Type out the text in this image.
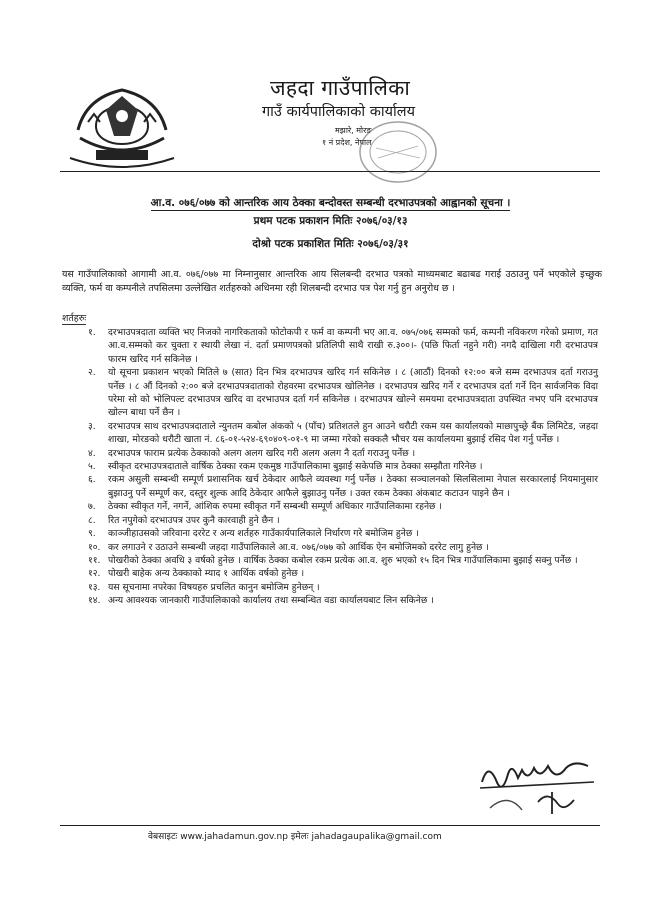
जहदा गाउँपालिका
गाउँ कार्यपालिकाको कार्यालय
मझारे, मोरङ
१ नं प्रदेश, नेपाल
आ.व. ०७६/०७७ को आन्तरिक आय ठेक्का बन्दोवस्त सम्बन्धी दरभाउपत्रको आह्वानको सूचना ।
प्रथम पटक प्रकाशन मितिः २०७६/०३/१३
दोश्रो पटक प्रकाशित मितिः २०७६/०३/३१
यस गाउँपालिकाको आगामी आ.व. ०७६/०७७ मा निम्नानुसार आन्तरिक आय सिलबन्दी दरभाउ पत्रको माध्यमबाट बढाबढ गराई उठाउनु पर्ने भएकोले इच्छुक व्यक्ति, फर्म वा कम्पनीले तपसिलमा उल्लेखित शर्तहरुको अधिनमा रही शिलबन्दी दरभाउ पत्र पेश गर्नु हुन अनुरोध छ ।
शर्तहरुः
१. दरभाउपत्रदाता व्यक्ति भए निजको नागरिकताको फोटोकपी र फर्म वा कम्पनी भए आ.व. ०७५/०७६ सम्मको फर्म, कम्पनी नविकरण गरेको प्रमाण, गत आ.व.सम्मको कर चुक्ता र स्थायी लेखा नं. दर्ता प्रमाणपत्रको प्रतिलिपी साथै राखी रु.३००।- (पछि फिर्ता नहुने गरी) नगदै दाखिला गरी दरभाउपत्र फारम खरिद गर्न सकिनेछ ।
२. यो सूचना प्रकाशन भएको मितिले ७ (सात) दिन भित्र दरभाउपत्र खरिद गर्न सकिनेछ । ८ (आठौं) दिनको १२:०० बजे सम्म दरभाउपत्र दर्ता गराउनु पर्नेछ । ८ औं दिनको २:०० बजे दरभाउपत्रदाताको रोहवरमा दरभाउपत्र खोलिनेछ । दरभाउपत्र खरिद गर्ने र दरभाउपत्र दर्ता गर्ने दिन सार्वजनिक विदा परेमा सो को भोलिपल्ट दरभाउपत्र खरिद वा दरभाउपत्र दर्ता गर्न सकिनेछ । दरभाउपत्र खोल्ने समयमा दरभाउपत्रदाता उपस्थित नभए पनि दरभाउपत्र खोल्न बाधा पर्ने छैन ।
३. दरभाउपत्र साथ दरभाउपत्रदाताले न्युनतम कबोल अंकको ५ (पाँच) प्रतिशतले हुन आउने धरौटी रकम यस कार्यालयको माछापुच्छ्रे बैंक लिमिटेड, जहदा शाखा, मोरङको धरौटी खाता नं. ८६-०१-५२४-६९०४०९-०१-९ मा जम्मा गरेको सक्कलै भौचर यस कार्यालयमा बुझाई रसिद पेश गर्नु पर्नेछ ।
४. दरभाउपत्र फाराम प्रत्येक ठेक्काको अलग अलग खरिद गरी अलग अलग नै दर्ता गराउनु पर्नेछ ।
५. स्वीकृत दरभाउपत्रदाताले वार्षिक ठेक्का रकम एकमुष्ठ गाउँपालिकामा बुझाई सकेपछि मात्र ठेक्का सम्झौता गरिनेछ ।
६. रकम असुली सम्बन्धी सम्पूर्ण प्रशासनिक खर्च ठेकेदार आफैले व्यवस्था गर्नु पर्नेछ । ठेक्का सञ्चालनको सिलसिलामा नेपाल सरकारलाई नियमानुसार बुझाउनु पर्ने सम्पूर्ण कर, दस्तुर शुल्क आदि ठेकेदार आफैले बुझाउनु पर्नेछ । उक्त रकम ठेक्का अंकबाट कटाउन पाइने छैन ।
७. ठेक्का स्वीकृत गर्ने, नगर्ने, आंशिक रुपमा स्वीकृत गर्ने सम्बन्धी सम्पूर्ण अधिकार गाउँपालिकामा रहनेछ ।
८. रित नपुगेको दरभाउपत्र उपर कुनै कारवाही हुने छैन ।
९. काञ्जीहाउसको जरिवाना दररेट र अन्य शर्तहरु गाउँकार्यपालिकाले निर्धारण गरे बमोजिम हुनेछ ।
१०. कर लगाउने र उठाउने सम्बन्धी जहदा गाउँपालिकाले आ.व. ०७६/०७७ को आर्थिक ऐन बमोजिमको दररेट लागु हुनेछ ।
११. पोखरीको ठेक्का अवधि ३ वर्षको हुनेछ । वार्षिक ठेक्का कबोल रकम प्रत्येक आ.व. शुरु भएको १५ दिन भित्र गाउँपालिकामा बुझाई सक्नु पर्नेछ ।
१२. पोखरी बाहेक अन्य ठेक्काको म्याद १ आर्थिक वर्षको हुनेछ ।
१३. यस सूचनामा नपरेका विषयहरु प्रचलित कानुन बमोजिम हुनेछन् ।
१४. अन्य आवश्यक जानकारी गाउँपालिकाको कार्यालय तथा सम्बन्धित वडा कार्यालयबाट लिन सकिनेछ ।
वेबसाइटः www.jahadamun.gov.np इमेलः jahadagaupalika@gmail.com
